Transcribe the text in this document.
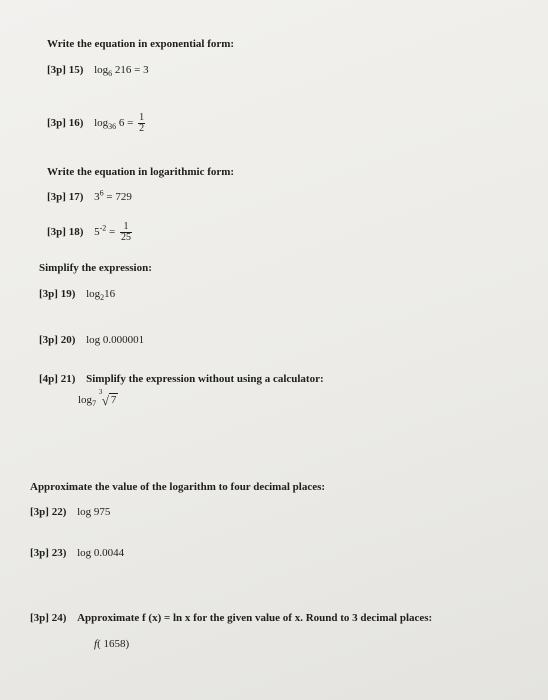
Write the equation in exponential form:
[3p] 15) $\log_6 216 = 3$
[3p] 16) $\log_{36} 6 = \frac{1}{2}$
Write the equation in logarithmic form:
[3p] 17) $3^6 = 729$
[3p] 18) $5^{-2} = \frac{1}{25}$
Simplify the expression:
[3p] 19) $\log_216$
[3p] 20) log 0.000001
[4p] 21) Simplify the expression without using a calculator:
$\log_7$
3
√ 7
Approximate the value of the logarithm to four decimal places:
[3p] 22) log 975
[3p] 23) log 0.0044
[3p] 24) Approximate f (x) = ln x for the given value of x. Round to 3 decimal places:
f( 1658)
